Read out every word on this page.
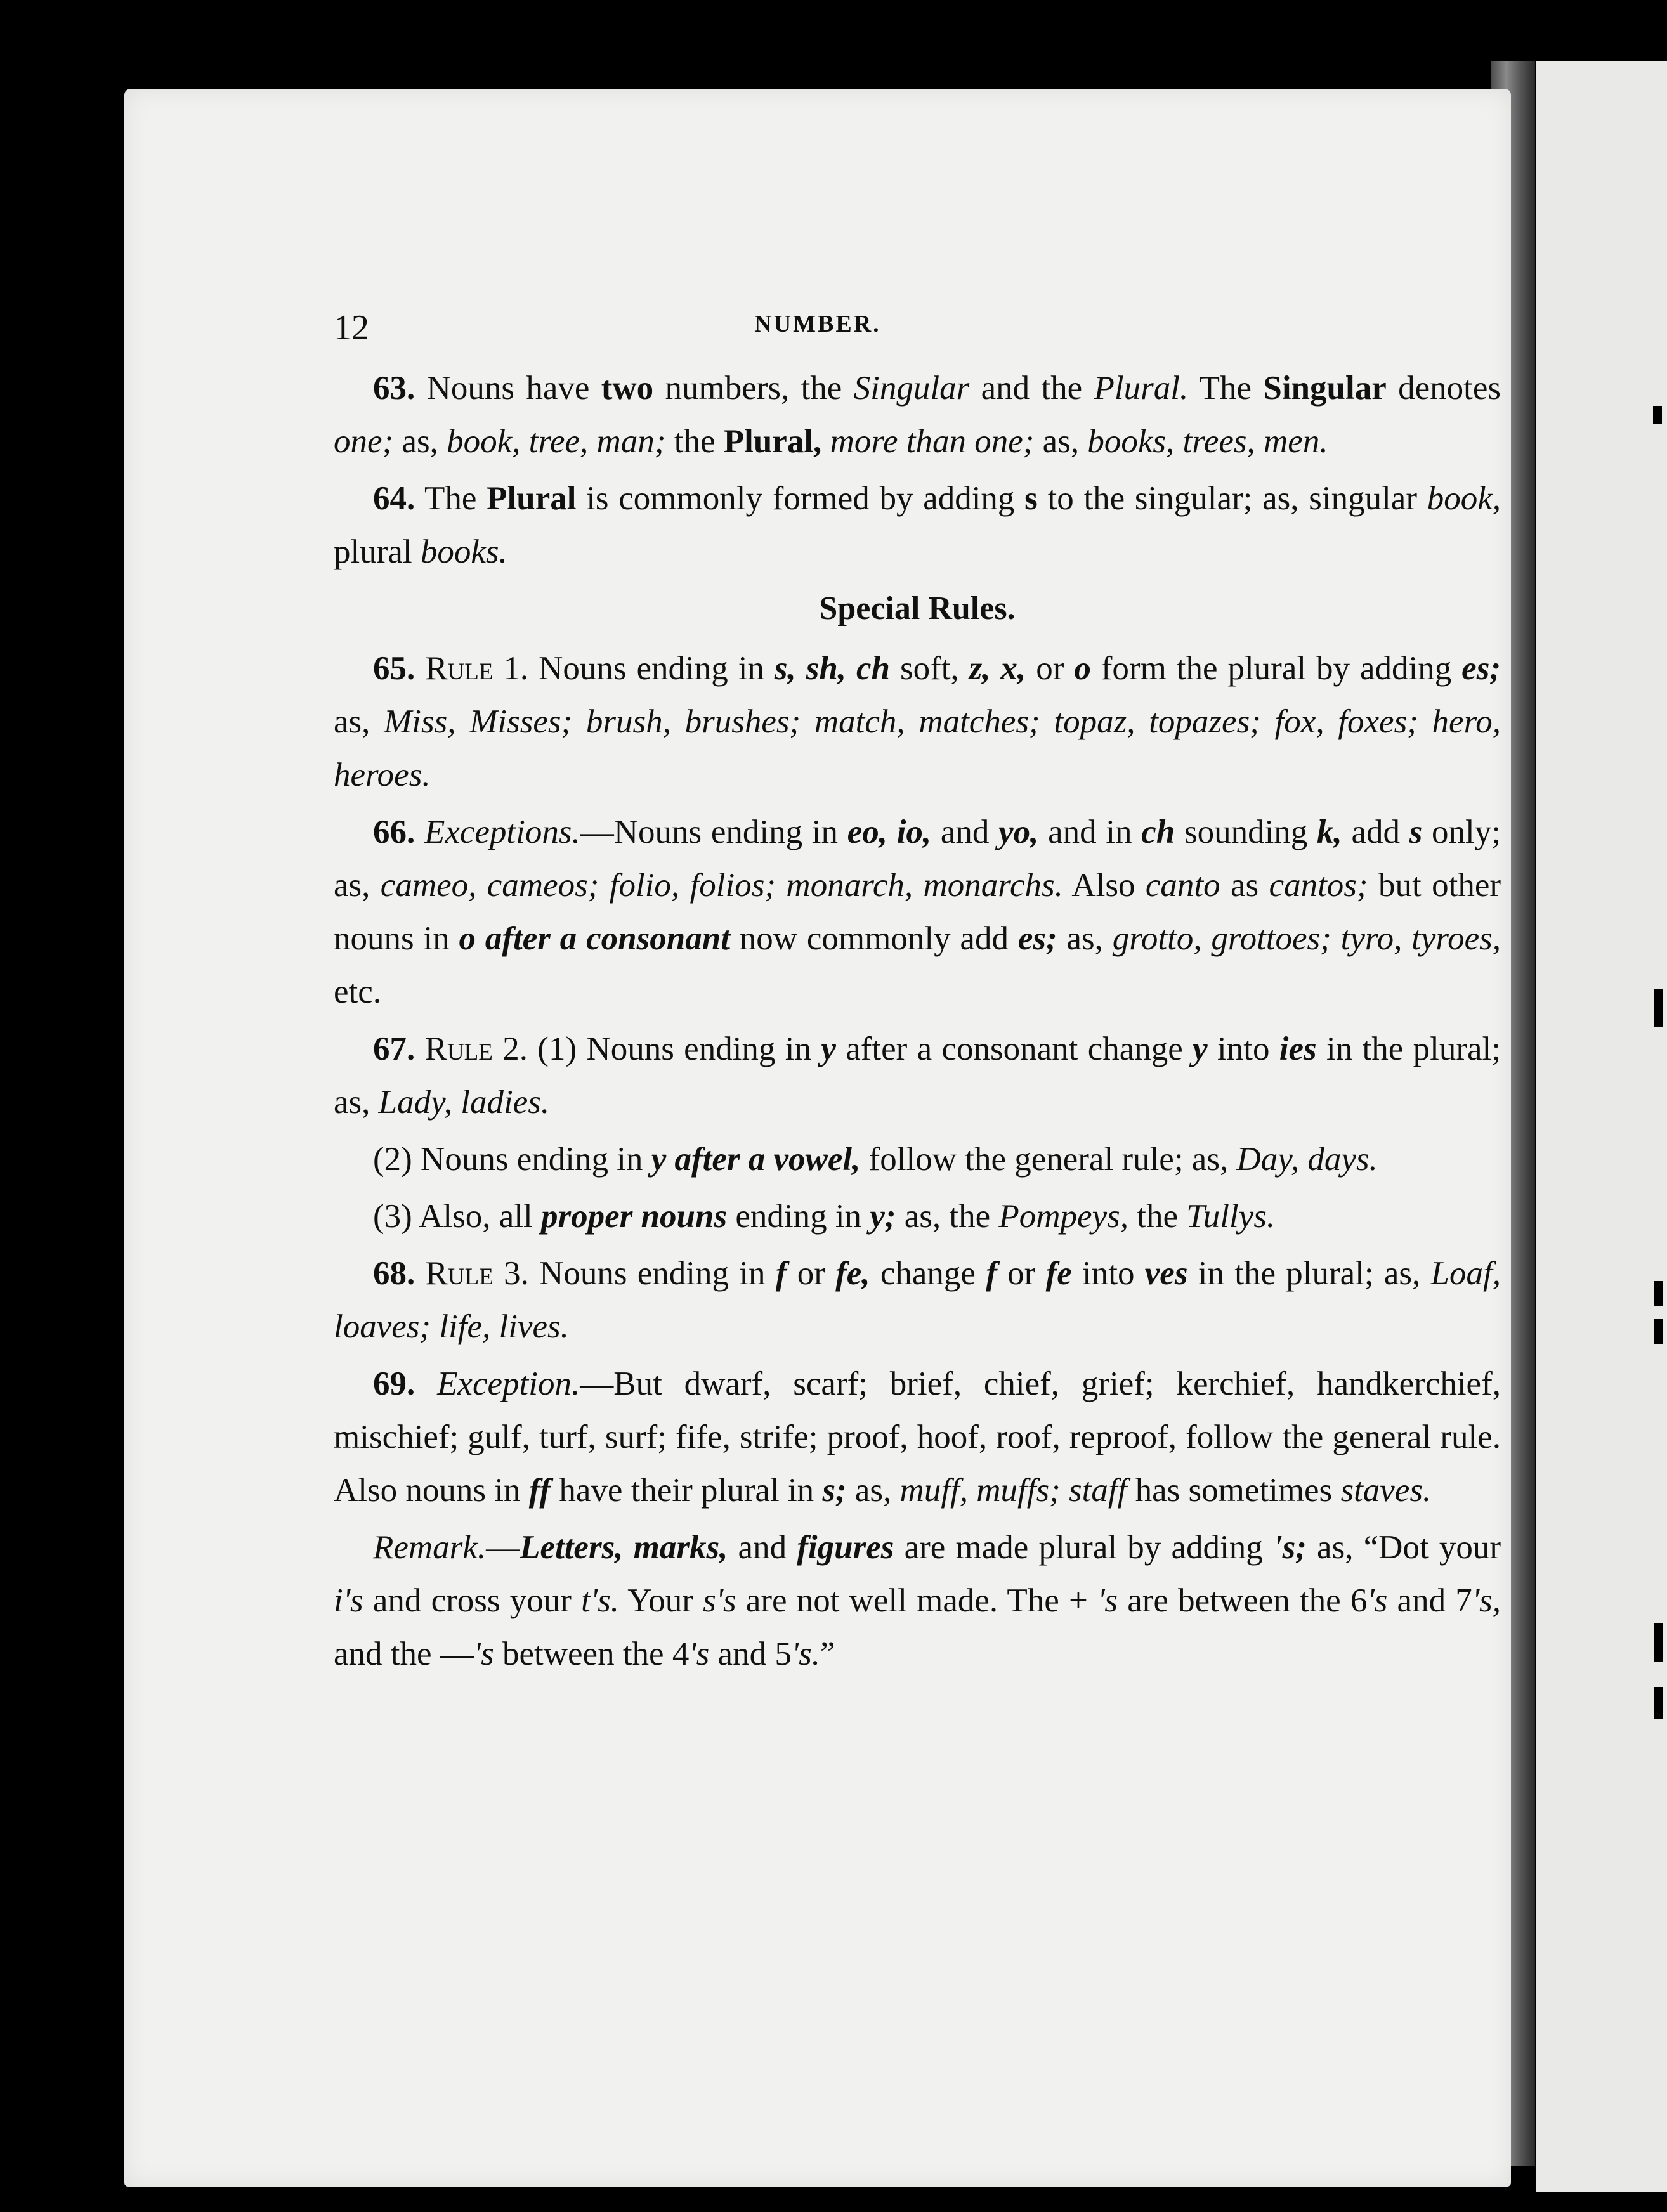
12	NUMBER.

63. Nouns have two numbers, the Singular and the Plural. The Singular denotes one; as, book, tree, man; the Plural, more than one; as, books, trees, men.

64. The Plural is commonly formed by adding s to the singular; as, singular book, plural books.

Special Rules.

65. Rule 1. Nouns ending in s, sh, ch soft, z, x, or o form the plural by adding es; as, Miss, Misses; brush, brushes; match, matches; topaz, topazes; fox, foxes; hero, heroes.

66. Exceptions.—Nouns ending in eo, io, and yo, and in ch sounding k, add s only; as, cameo, cameos; folio, folios; monarch, monarchs. Also canto as cantos; but other nouns in o after a consonant now commonly add es; as, grotto, grottoes; tyro, tyroes, etc.

67. Rule 2. (1) Nouns ending in y after a consonant change y into ies in the plural; as, Lady, ladies.

(2) Nouns ending in y after a vowel, follow the general rule; as, Day, days.

(3) Also, all proper nouns ending in y; as, the Pompeys, the Tullys.

68. Rule 3. Nouns ending in f or fe, change f or fe into ves in the plural; as, Loaf, loaves; life, lives.

69. Exception.—But dwarf, scarf; brief, chief, grief; kerchief, handkerchief, mischief; gulf, turf, surf; fife, strife; proof, hoof, roof, reproof, follow the general rule. Also nouns in ff have their plural in s; as, muff, muffs; staff has sometimes staves.

Remark.—Letters, marks, and figures are made plural by adding 's; as, “Dot your i's and cross your t's. Your s's are not well made. The + 's are between the 6's and 7's, and the —'s between the 4's and 5's.”
